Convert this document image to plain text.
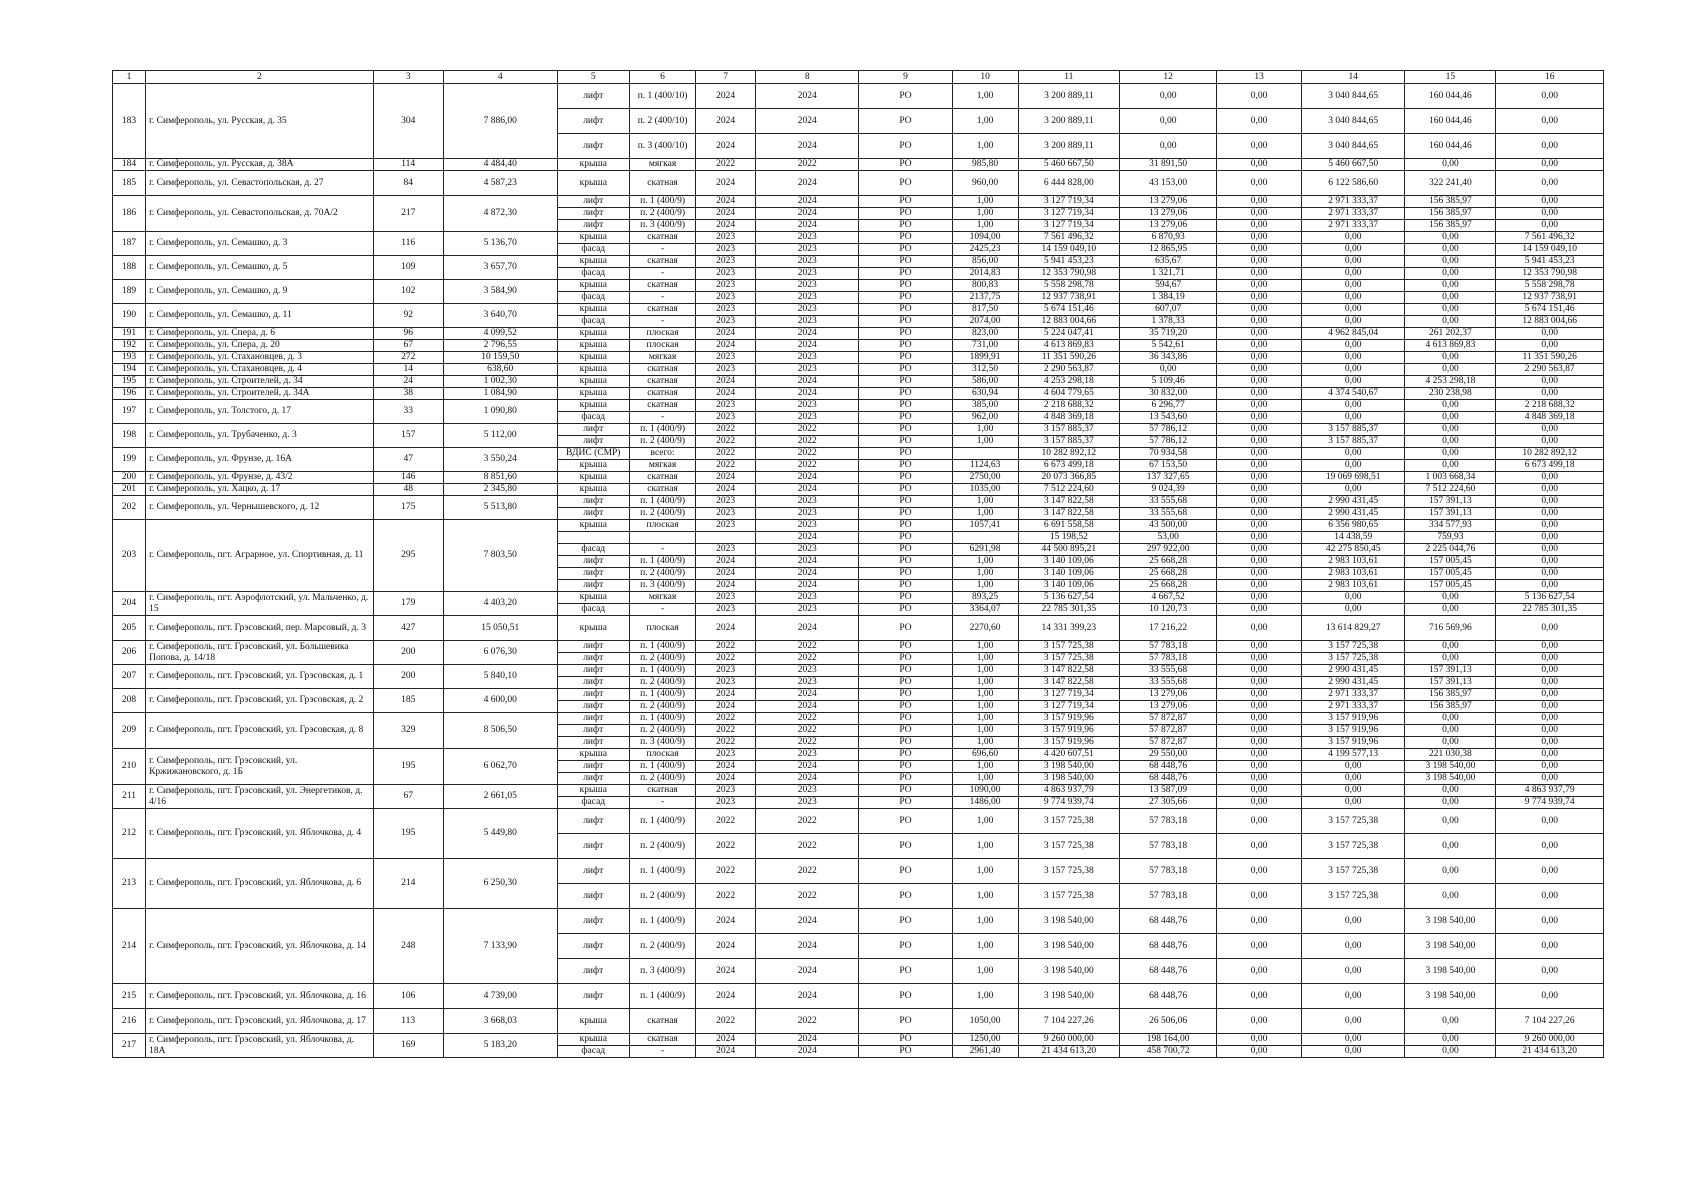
1	2	3	4	5	6	7	8	9	10	11	12	13	14	15	16
183	г. Симферополь, ул. Русская, д. 35	304	7 886,00	лифт	п. 1 (400/10)	2024	2024	РО	1,00	3 200 889,11	0,00	0,00	3 040 844,65	160 044,46	0,00
				лифт	п. 2 (400/10)	2024	2024	РО	1,00	3 200 889,11	0,00	0,00	3 040 844,65	160 044,46	0,00
				лифт	п. 3 (400/10)	2024	2024	РО	1,00	3 200 889,11	0,00	0,00	3 040 844,65	160 044,46	0,00
184	г. Симферополь, ул. Русская, д. 38А	114	4 484,40	крыша	мягкая	2022	2022	РО	985,80	5 460 667,50	31 891,50	0,00	5 460 667,50	0,00	0,00
185	г. Симферополь, ул. Севастопольская, д. 27	84	4 587,23	крыша	скатная	2024	2024	РО	960,00	6 444 828,00	43 153,00	0,00	6 122 586,60	322 241,40	0,00
186	г. Симферополь, ул. Севастопольская, д. 70А/2	217	4 872,30	лифт	п. 1 (400/9)	2024	2024	РО	1,00	3 127 719,34	13 279,06	0,00	2 971 333,37	156 385,97	0,00
				лифт	п. 2 (400/9)	2024	2024	РО	1,00	3 127 719,34	13 279,06	0,00	2 971 333,37	156 385,97	0,00
				лифт	п. 3 (400/9)	2024	2024	РО	1,00	3 127 719,34	13 279,06	0,00	2 971 333,37	156 385,97	0,00
187	г. Симферополь, ул. Семашко, д. 3	116	5 136,70	крыша	скатная	2023	2023	РО	1094,00	7 561 496,32	6 870,93	0,00	0,00	0,00	7 561 496,32
				фасад	-	2023	2023	РО	2425,23	14 159 049,10	12 865,95	0,00	0,00	0,00	14 159 049,10
188	г. Симферополь, ул. Семашко, д. 5	109	3 657,70	крыша	скатная	2023	2023	РО	856,00	5 941 453,23	635,67	0,00	0,00	0,00	5 941 453,23
				фасад	-	2023	2023	РО	2014,83	12 353 790,98	1 321,71	0,00	0,00	0,00	12 353 790,98
189	г. Симферополь, ул. Семашко, д. 9	102	3 584,90	крыша	скатная	2023	2023	РО	800,83	5 558 298,78	594,67	0,00	0,00	0,00	5 558 298,78
				фасад	-	2023	2023	РО	2137,75	12 937 738,91	1 384,19	0,00	0,00	0,00	12 937 738,91
190	г. Симферополь, ул. Семашко, д. 11	92	3 640,70	крыша	скатная	2023	2023	РО	817,50	5 674 151,46	607,07	0,00	0,00	0,00	5 674 151,46
				фасад	-	2023	2023	РО	2074,00	12 883 004,66	1 378,33	0,00	0,00	0,00	12 883 004,66
191	г. Симферополь, ул. Спера, д. 6	96	4 099,52	крыша	плоская	2024	2024	РО	823,00	5 224 047,41	35 719,20	0,00	4 962 845,04	261 202,37	0,00
192	г. Симферополь, ул. Спера, д. 20	67	2 796,55	крыша	плоская	2024	2024	РО	731,00	4 613 869,83	5 542,61	0,00	0,00	4 613 869,83	0,00
193	г. Симферополь, ул. Стахановцев, д. 3	272	10 159,50	крыша	мягкая	2023	2023	РО	1899,91	11 351 590,26	36 343,86	0,00	0,00	0,00	11 351 590,26
194	г. Симферополь, ул. Стахановцев, д. 4	14	638,60	крыша	скатная	2023	2023	РО	312,50	2 290 563,87	0,00	0,00	0,00	0,00	2 290 563,87
195	г. Симферополь, ул. Строителей, д. 34	24	1 002,30	крыша	скатная	2024	2024	РО	586,00	4 253 298,18	5 109,46	0,00	0,00	4 253 298,18	0,00
196	г. Симферополь, ул. Строителей, д. 34А	38	1 084,90	крыша	скатная	2024	2024	РО	630,94	4 604 779,65	30 832,00	0,00	4 374 540,67	230 238,98	0,00
197	г. Симферополь, ул. Толстого, д. 17	33	1 090,80	крыша	скатная	2023	2023	РО	385,00	2 218 688,32	6 296,77	0,00	0,00	0,00	2 218 688,32
				фасад	-	2023	2023	РО	962,00	4 848 369,18	13 543,60	0,00	0,00	0,00	4 848 369,18
198	г. Симферополь, ул. Трубаченко, д. 3	157	5 112,00	лифт	п. 1 (400/9)	2022	2022	РО	1,00	3 157 885,37	57 786,12	0,00	3 157 885,37	0,00	0,00
				лифт	п. 2 (400/9)	2022	2022	РО	1,00	3 157 885,37	57 786,12	0,00	3 157 885,37	0,00	0,00
199	г. Симферополь, ул. Фрунзе, д. 16А	47	3 550,24	ВДИС (СМР)	всего:	2022	2022	РО		10 282 892,12	70 934,58	0,00	0,00	0,00	10 282 892,12
				крыша	мягкая	2022	2022	РО	1124,63	6 673 499,18	67 153,50	0,00	0,00	0,00	6 673 499,18
200	г. Симферополь, ул. Фрунзе, д. 43/2	146	8 851,60	крыша	скатная	2024	2024	РО	2750,00	20 073 366,85	137 327,65	0,00	19 069 698,51	1 003 668,34	0,00
201	г. Симферополь, ул. Хацко, д. 17	48	2 345,80	крыша	скатная	2024	2024	РО	1035,00	7 512 224,60	9 024,39	0,00	0,00	7 512 224,60	0,00
202	г. Симферополь, ул. Чернышевского, д. 12	175	5 513,80	лифт	п. 1 (400/9)	2023	2023	РО	1,00	3 147 822,58	33 555,68	0,00	2 990 431,45	157 391,13	0,00
				лифт	п. 2 (400/9)	2023	2023	РО	1,00	3 147 822,58	33 555,68	0,00	2 990 431,45	157 391,13	0,00
203	г. Симферополь, пгт. Аграрное, ул. Спортивная, д. 11	295	7 803,50	крыша	плоская	2023	2023	РО	1057,41	6 691 558,58	43 500,00	0,00	6 356 980,65	334 577,93	0,00
							2024	РО		15 198,52	53,00	0,00	14 438,59	759,93	0,00
				фасад	-	2023	2023	РО	6291,98	44 500 895,21	297 922,00	0,00	42 275 850,45	2 225 044,76	0,00
				лифт	п. 1 (400/9)	2024	2024	РО	1,00	3 140 109,06	25 668,28	0,00	2 983 103,61	157 005,45	0,00
				лифт	п. 2 (400/9)	2024	2024	РО	1,00	3 140 109,06	25 668,28	0,00	2 983 103,61	157 005,45	0,00
				лифт	п. 3 (400/9)	2024	2024	РО	1,00	3 140 109,06	25 668,28	0,00	2 983 103,61	157 005,45	0,00
204	г. Симферополь, пгт. Аэрофлотский, ул. Мальченко, д. 15	179	4 403,20	крыша	мягкая	2023	2023	РО	893,25	5 136 627,54	4 667,52	0,00	0,00	0,00	5 136 627,54
				фасад	-	2023	2023	РО	3364,07	22 785 301,35	10 120,73	0,00	0,00	0,00	22 785 301,35
205	г. Симферополь, пгт. Грэсовский, пер. Марсовый, д. 3	427	15 050,51	крыша	плоская	2024	2024	РО	2270,60	14 331 399,23	17 216,22	0,00	13 614 829,27	716 569,96	0,00
206	г. Симферополь, пгт. Грэсовский, ул. Большевика Попова, д. 14/18	200	6 076,30	лифт	п. 1 (400/9)	2022	2022	РО	1,00	3 157 725,38	57 783,18	0,00	3 157 725,38	0,00	0,00
				лифт	п. 2 (400/9)	2022	2022	РО	1,00	3 157 725,38	57 783,18	0,00	3 157 725,38	0,00	0,00
207	г. Симферополь, пгт. Грэсовский, ул. Грэсовская, д. 1	200	5 840,10	лифт	п. 1 (400/9)	2023	2023	РО	1,00	3 147 822,58	33 555,68	0,00	2 990 431,45	157 391,13	0,00
				лифт	п. 2 (400/9)	2023	2023	РО	1,00	3 147 822,58	33 555,68	0,00	2 990 431,45	157 391,13	0,00
208	г. Симферополь, пгт. Грэсовский, ул. Грэсовская, д. 2	185	4 600,00	лифт	п. 1 (400/9)	2024	2024	РО	1,00	3 127 719,34	13 279,06	0,00	2 971 333,37	156 385,97	0,00
				лифт	п. 2 (400/9)	2024	2024	РО	1,00	3 127 719,34	13 279,06	0,00	2 971 333,37	156 385,97	0,00
209	г. Симферополь, пгт. Грэсовский, ул. Грэсовская, д. 8	329	8 506,50	лифт	п. 1 (400/9)	2022	2022	РО	1,00	3 157 919,96	57 872,87	0,00	3 157 919,96	0,00	0,00
				лифт	п. 2 (400/9)	2022	2022	РО	1,00	3 157 919,96	57 872,87	0,00	3 157 919,96	0,00	0,00
				лифт	п. 3 (400/9)	2022	2022	РО	1,00	3 157 919,96	57 872,87	0,00	3 157 919,96	0,00	0,00
210	г. Симферополь, пгт. Грэсовский, ул. Кржижановского, д. 1Б	195	6 062,70	крыша	плоская	2023	2023	РО	696,60	4 420 607,51	29 550,00	0,00	4 199 577,13	221 030,38	0,00
				лифт	п. 1 (400/9)	2024	2024	РО	1,00	3 198 540,00	68 448,76	0,00	0,00	3 198 540,00	0,00
				лифт	п. 2 (400/9)	2024	2024	РО	1,00	3 198 540,00	68 448,76	0,00	0,00	3 198 540,00	0,00
211	г. Симферополь, пгт. Грэсовский, ул. Энергетиков, д. 4/16	67	2 661,05	крыша	скатная	2023	2023	РО	1090,00	4 863 937,79	13 587,09	0,00	0,00	0,00	4 863 937,79
				фасад	-	2023	2023	РО	1486,00	9 774 939,74	27 305,66	0,00	0,00	0,00	9 774 939,74
212	г. Симферополь, пгт. Грэсовский, ул. Яблочкова, д. 4	195	5 449,80	лифт	п. 1 (400/9)	2022	2022	РО	1,00	3 157 725,38	57 783,18	0,00	3 157 725,38	0,00	0,00
				лифт	п. 2 (400/9)	2022	2022	РО	1,00	3 157 725,38	57 783,18	0,00	3 157 725,38	0,00	0,00
213	г. Симферополь, пгт. Грэсовский, ул. Яблочкова, д. 6	214	6 250,30	лифт	п. 1 (400/9)	2022	2022	РО	1,00	3 157 725,38	57 783,18	0,00	3 157 725,38	0,00	0,00
				лифт	п. 2 (400/9)	2022	2022	РО	1,00	3 157 725,38	57 783,18	0,00	3 157 725,38	0,00	0,00
214	г. Симферополь, пгт. Грэсовский, ул. Яблочкова, д. 14	248	7 133,90	лифт	п. 1 (400/9)	2024	2024	РО	1,00	3 198 540,00	68 448,76	0,00	0,00	3 198 540,00	0,00
				лифт	п. 2 (400/9)	2024	2024	РО	1,00	3 198 540,00	68 448,76	0,00	0,00	3 198 540,00	0,00
				лифт	п. 3 (400/9)	2024	2024	РО	1,00	3 198 540,00	68 448,76	0,00	0,00	3 198 540,00	0,00
215	г. Симферополь, пгт. Грэсовский, ул. Яблочкова, д. 16	106	4 739,00	лифт	п. 1 (400/9)	2024	2024	РО	1,00	3 198 540,00	68 448,76	0,00	0,00	3 198 540,00	0,00
216	г. Симферополь, пгт. Грэсовский, ул. Яблочкова, д. 17	113	3 668,03	крыша	скатная	2022	2022	РО	1050,00	7 104 227,26	26 506,06	0,00	0,00	0,00	7 104 227,26
217	г. Симферополь, пгт. Грэсовский, ул. Яблочкова, д. 18А	169	5 183,20	крыша	скатная	2024	2024	РО	1250,00	9 260 000,00	198 164,00	0,00	0,00	0,00	9 260 000,00
				фасад	-	2024	2024	РО	2961,40	21 434 613,20	458 700,72	0,00	0,00	0,00	21 434 613,20
